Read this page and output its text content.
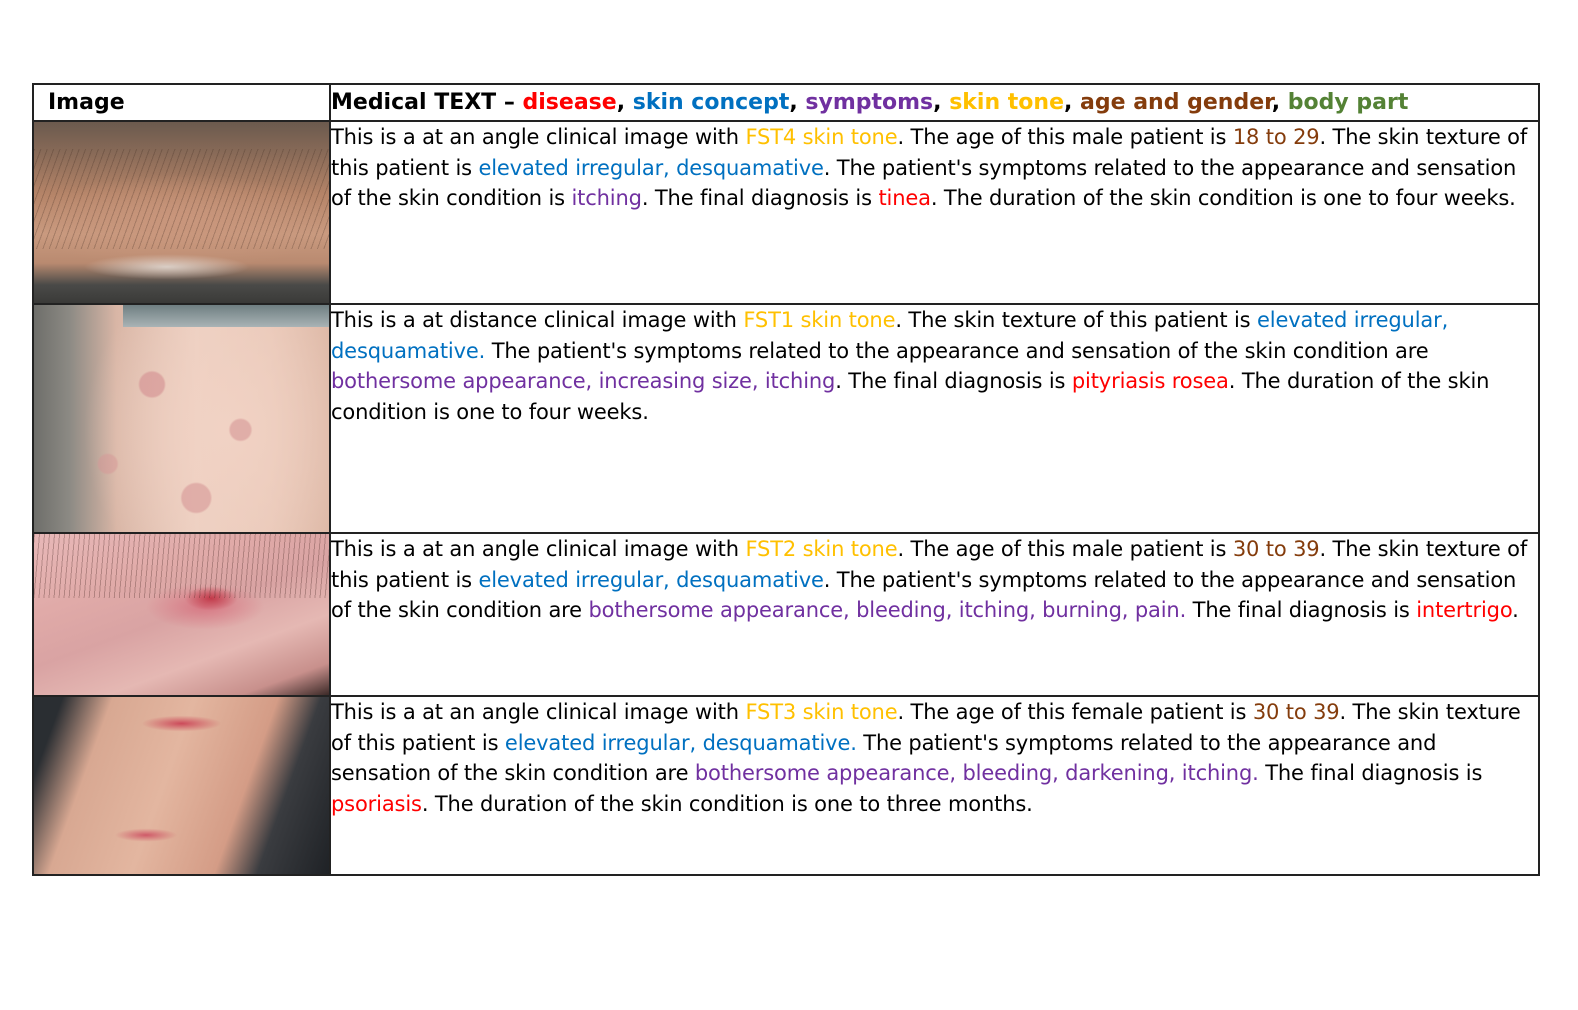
Image	Medical TEXT – disease, skin concept, symptoms, skin tone, age and gender, body part

	This is a at an angle clinical image with FST4 skin tone. The age of this male patient is 18 to 29. The skin texture of this patient is elevated irregular, desquamative. The patient's symptoms related to the appearance and sensation of the skin condition is itching. The final diagnosis is tinea. The duration of the skin condition is one to four weeks.

	This is a at distance clinical image with FST1 skin tone. The skin texture of this patient is elevated irregular, desquamative. The patient's symptoms related to the appearance and sensation of the skin condition are bothersome appearance, increasing size, itching. The final diagnosis is pityriasis rosea. The duration of the skin condition is one to four weeks.

	This is a at an angle clinical image with FST2 skin tone. The age of this male patient is 30 to 39. The skin texture of this patient is elevated irregular, desquamative. The patient's symptoms related to the appearance and sensation of the skin condition are bothersome appearance, bleeding, itching, burning, pain. The final diagnosis is intertrigo.

	This is a at an angle clinical image with FST3 skin tone. The age of this female patient is 30 to 39. The skin texture of this patient is elevated irregular, desquamative. The patient's symptoms related to the appearance and sensation of the skin condition are bothersome appearance, bleeding, darkening, itching. The final diagnosis is psoriasis. The duration of the skin condition is one to three months.
